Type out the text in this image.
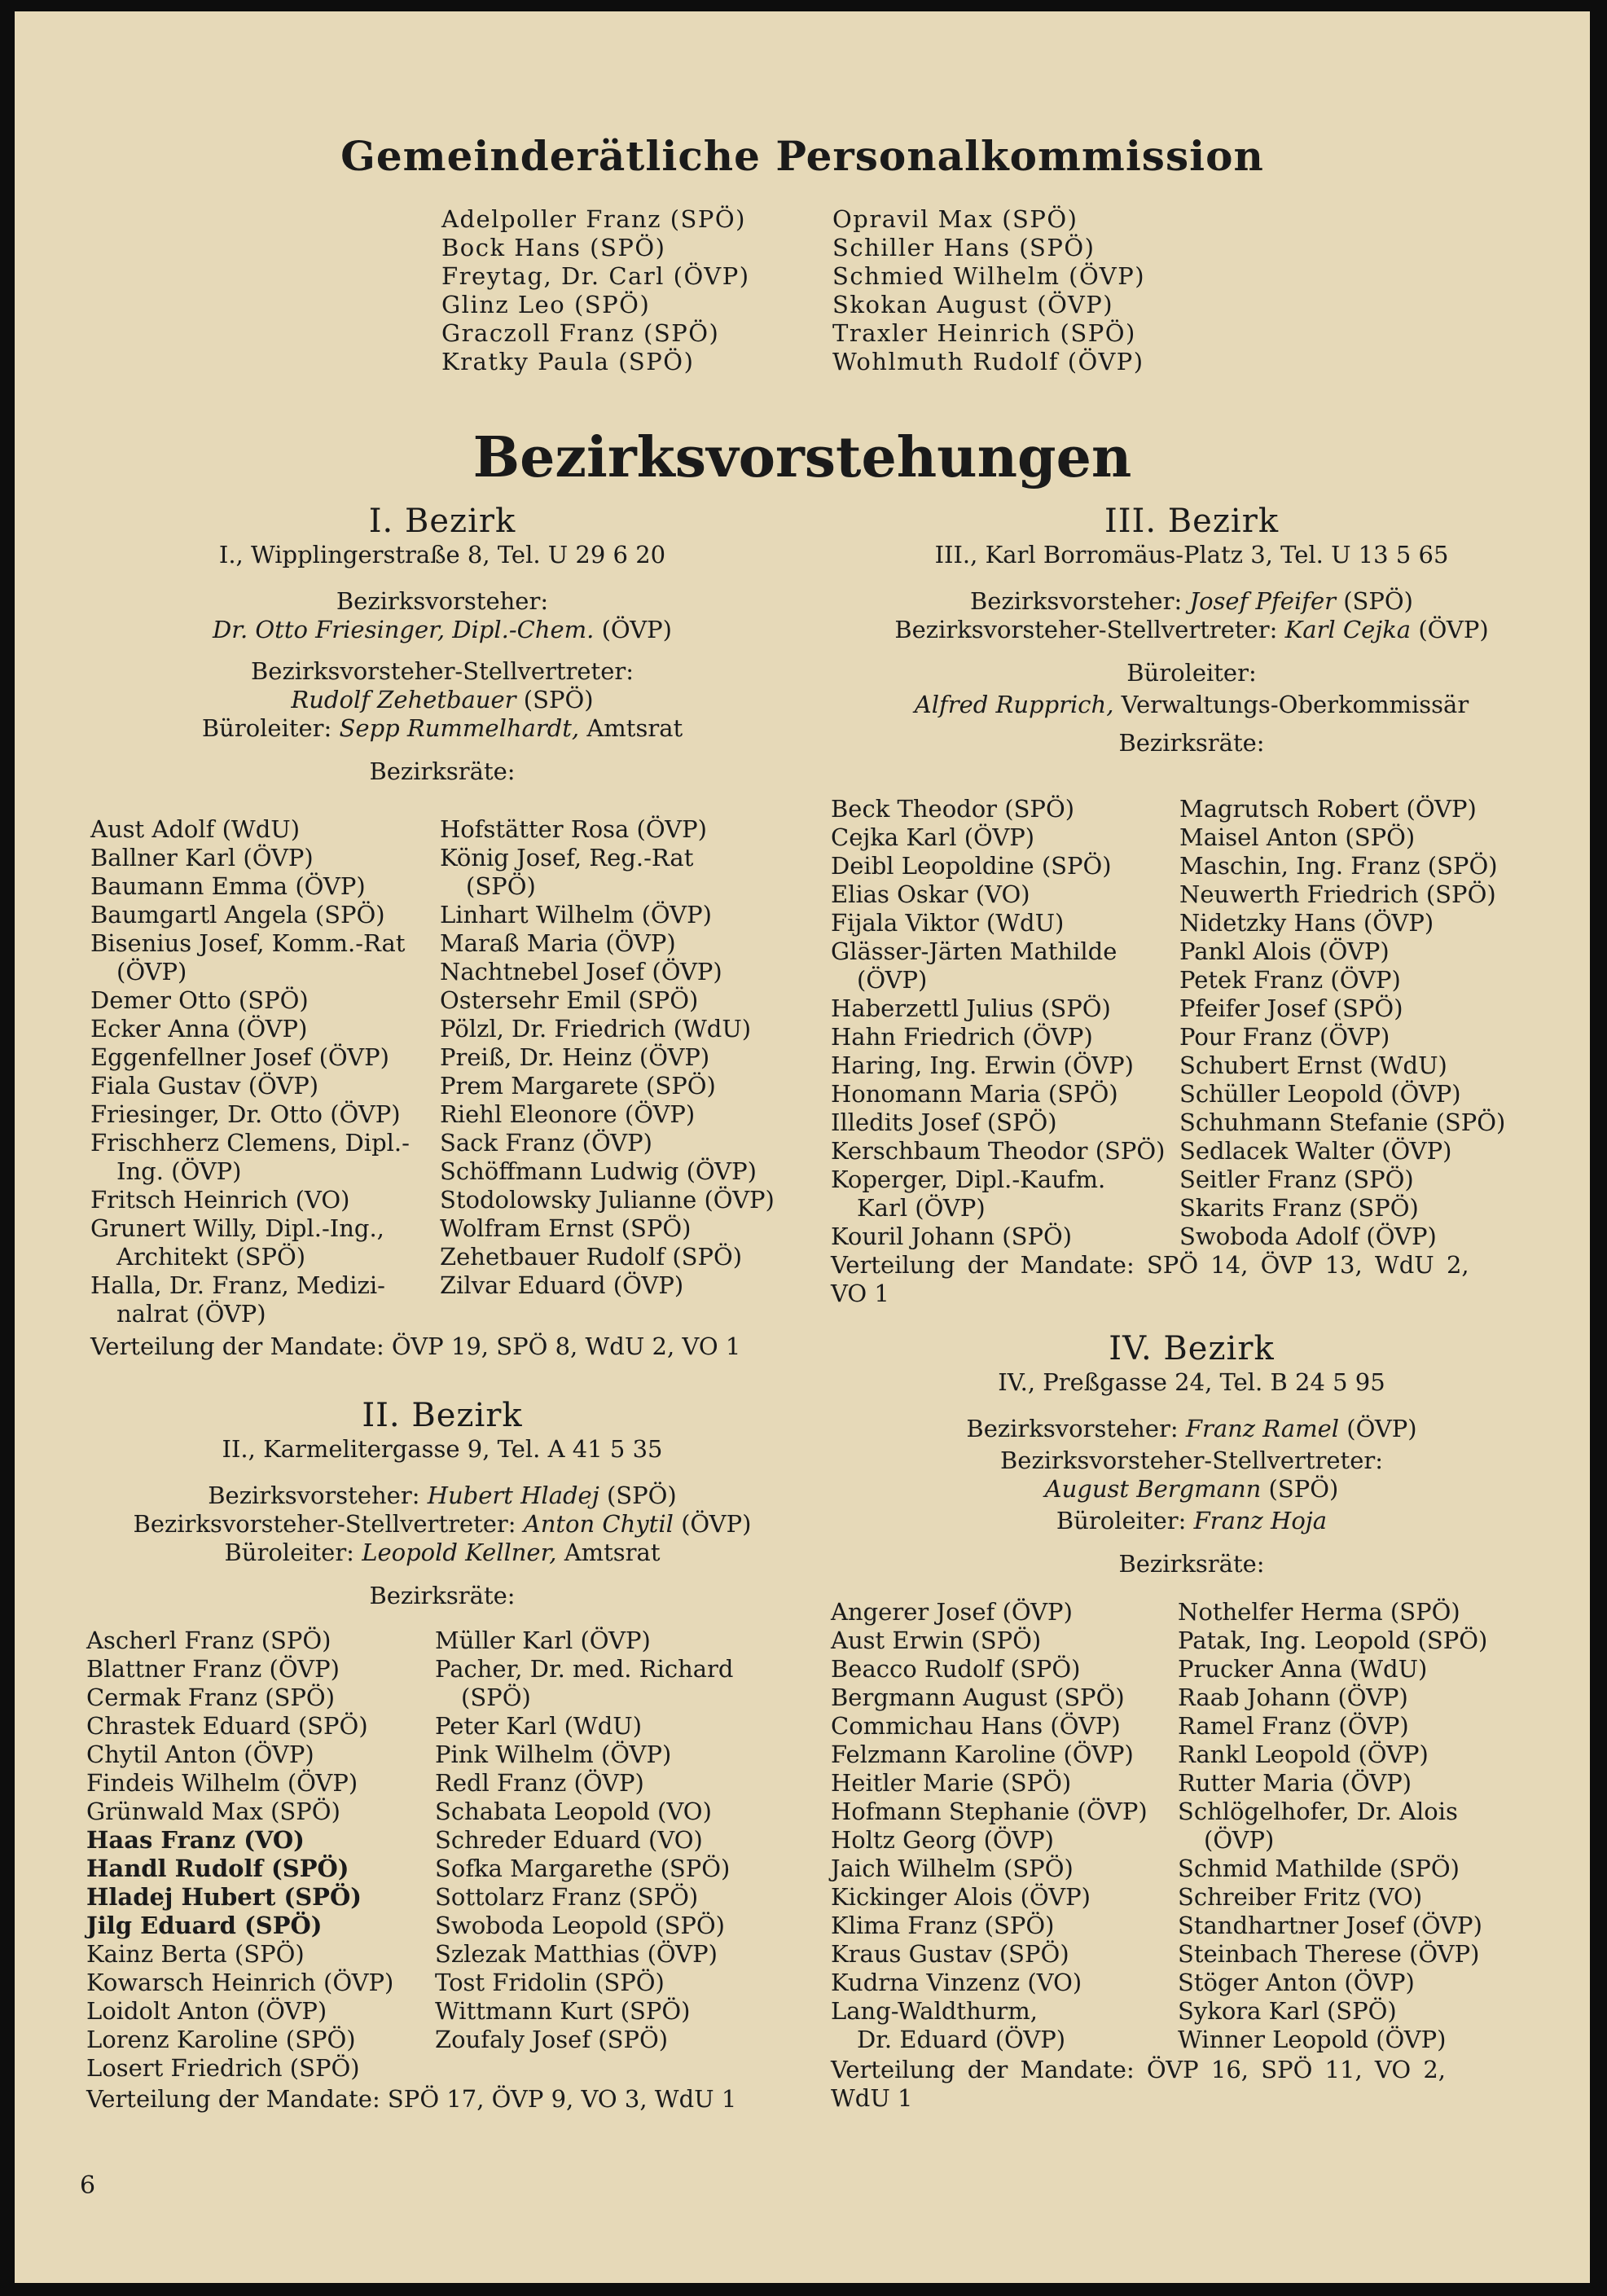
Gemeinderätliche Personalkommission
Adelpoller Franz (SPÖ)
Bock Hans (SPÖ)
Freytag, Dr. Carl (ÖVP)
Glinz Leo (SPÖ)
Graczoll Franz (SPÖ)
Kratky Paula (SPÖ)
Opravil Max (SPÖ)
Schiller Hans (SPÖ)
Schmied Wilhelm (ÖVP)
Skokan August (ÖVP)
Traxler Heinrich (SPÖ)
Wohlmuth Rudolf (ÖVP)
Bezirksvorstehungen
I. Bezirk
I., Wipplingerstraße 8, Tel. U 29 6 20
Bezirksvorsteher:
Dr. Otto Friesinger, Dipl.-Chem. (ÖVP)
Bezirksvorsteher-Stellvertreter:
Rudolf Zehetbauer (SPÖ)
Büroleiter: Sepp Rummelhardt, Amtsrat
Bezirksräte:
Aust Adolf (WdU)
Ballner Karl (ÖVP)
Baumann Emma (ÖVP)
Baumgartl Angela (SPÖ)
Bisenius Josef, Komm.-Rat
(ÖVP)
Demer Otto (SPÖ)
Ecker Anna (ÖVP)
Eggenfellner Josef (ÖVP)
Fiala Gustav (ÖVP)
Friesinger, Dr. Otto (ÖVP)
Frischherz Clemens, Dipl.-
Ing. (ÖVP)
Fritsch Heinrich (VO)
Grunert Willy, Dipl.-Ing.,
Architekt (SPÖ)
Halla, Dr. Franz, Medizi-
nalrat (ÖVP)
Hofstätter Rosa (ÖVP)
König Josef, Reg.-Rat
(SPÖ)
Linhart Wilhelm (ÖVP)
Maraß Maria (ÖVP)
Nachtnebel Josef (ÖVP)
Ostersehr Emil (SPÖ)
Pölzl, Dr. Friedrich (WdU)
Preiß, Dr. Heinz (ÖVP)
Prem Margarete (SPÖ)
Riehl Eleonore (ÖVP)
Sack Franz (ÖVP)
Schöffmann Ludwig (ÖVP)
Stodolowsky Julianne (ÖVP)
Wolfram Ernst (SPÖ)
Zehetbauer Rudolf (SPÖ)
Zilvar Eduard (ÖVP)
Verteilung der Mandate: ÖVP 19, SPÖ 8, WdU 2, VO 1
II. Bezirk
II., Karmelitergasse 9, Tel. A 41 5 35
Bezirksvorsteher: Hubert Hladej (SPÖ)
Bezirksvorsteher-Stellvertreter: Anton Chytil (ÖVP)
Büroleiter: Leopold Kellner, Amtsrat
Bezirksräte:
Ascherl Franz (SPÖ)
Blattner Franz (ÖVP)
Cermak Franz (SPÖ)
Chrastek Eduard (SPÖ)
Chytil Anton (ÖVP)
Findeis Wilhelm (ÖVP)
Grünwald Max (SPÖ)
Haas Franz (VO)
Handl Rudolf (SPÖ)
Hladej Hubert (SPÖ)
Jilg Eduard (SPÖ)
Kainz Berta (SPÖ)
Kowarsch Heinrich (ÖVP)
Loidolt Anton (ÖVP)
Lorenz Karoline (SPÖ)
Losert Friedrich (SPÖ)
Müller Karl (ÖVP)
Pacher, Dr. med. Richard
(SPÖ)
Peter Karl (WdU)
Pink Wilhelm (ÖVP)
Redl Franz (ÖVP)
Schabata Leopold (VO)
Schreder Eduard (VO)
Sofka Margarethe (SPÖ)
Sottolarz Franz (SPÖ)
Swoboda Leopold (SPÖ)
Szlezak Matthias (ÖVP)
Tost Fridolin (SPÖ)
Wittmann Kurt (SPÖ)
Zoufaly Josef (SPÖ)
Verteilung der Mandate: SPÖ 17, ÖVP 9, VO 3, WdU 1
III. Bezirk
III., Karl Borromäus-Platz 3, Tel. U 13 5 65
Bezirksvorsteher: Josef Pfeifer (SPÖ)
Bezirksvorsteher-Stellvertreter: Karl Cejka (ÖVP)
Büroleiter:
Alfred Rupprich, Verwaltungs-Oberkommissär
Bezirksräte:
Beck Theodor (SPÖ)
Cejka Karl (ÖVP)
Deibl Leopoldine (SPÖ)
Elias Oskar (VO)
Fijala Viktor (WdU)
Glässer-Järten Mathilde
(ÖVP)
Haberzettl Julius (SPÖ)
Hahn Friedrich (ÖVP)
Haring, Ing. Erwin (ÖVP)
Honomann Maria (SPÖ)
Illedits Josef (SPÖ)
Kerschbaum Theodor (SPÖ)
Koperger, Dipl.-Kaufm.
Karl (ÖVP)
Kouril Johann (SPÖ)
Magrutsch Robert (ÖVP)
Maisel Anton (SPÖ)
Maschin, Ing. Franz (SPÖ)
Neuwerth Friedrich (SPÖ)
Nidetzky Hans (ÖVP)
Pankl Alois (ÖVP)
Petek Franz (ÖVP)
Pfeifer Josef (SPÖ)
Pour Franz (ÖVP)
Schubert Ernst (WdU)
Schüller Leopold (ÖVP)
Schuhmann Stefanie (SPÖ)
Sedlacek Walter (ÖVP)
Seitler Franz (SPÖ)
Skarits Franz (SPÖ)
Swoboda Adolf (ÖVP)
Verteilung der Mandate: SPÖ 14, ÖVP 13, WdU 2,
VO 1
IV. Bezirk
IV., Preßgasse 24, Tel. B 24 5 95
Bezirksvorsteher: Franz Ramel (ÖVP)
Bezirksvorsteher-Stellvertreter:
August Bergmann (SPÖ)
Büroleiter: Franz Hoja
Bezirksräte:
Angerer Josef (ÖVP)
Aust Erwin (SPÖ)
Beacco Rudolf (SPÖ)
Bergmann August (SPÖ)
Commichau Hans (ÖVP)
Felzmann Karoline (ÖVP)
Heitler Marie (SPÖ)
Hofmann Stephanie (ÖVP)
Holtz Georg (ÖVP)
Jaich Wilhelm (SPÖ)
Kickinger Alois (ÖVP)
Klima Franz (SPÖ)
Kraus Gustav (SPÖ)
Kudrna Vinzenz (VO)
Lang-Waldthurm,
Dr. Eduard (ÖVP)
Nothelfer Herma (SPÖ)
Patak, Ing. Leopold (SPÖ)
Prucker Anna (WdU)
Raab Johann (ÖVP)
Ramel Franz (ÖVP)
Rankl Leopold (ÖVP)
Rutter Maria (ÖVP)
Schlögelhofer, Dr. Alois
(ÖVP)
Schmid Mathilde (SPÖ)
Schreiber Fritz (VO)
Standhartner Josef (ÖVP)
Steinbach Therese (ÖVP)
Stöger Anton (ÖVP)
Sykora Karl (SPÖ)
Winner Leopold (ÖVP)
Verteilung der Mandate: ÖVP 16, SPÖ 11, VO 2,
WdU 1
6
